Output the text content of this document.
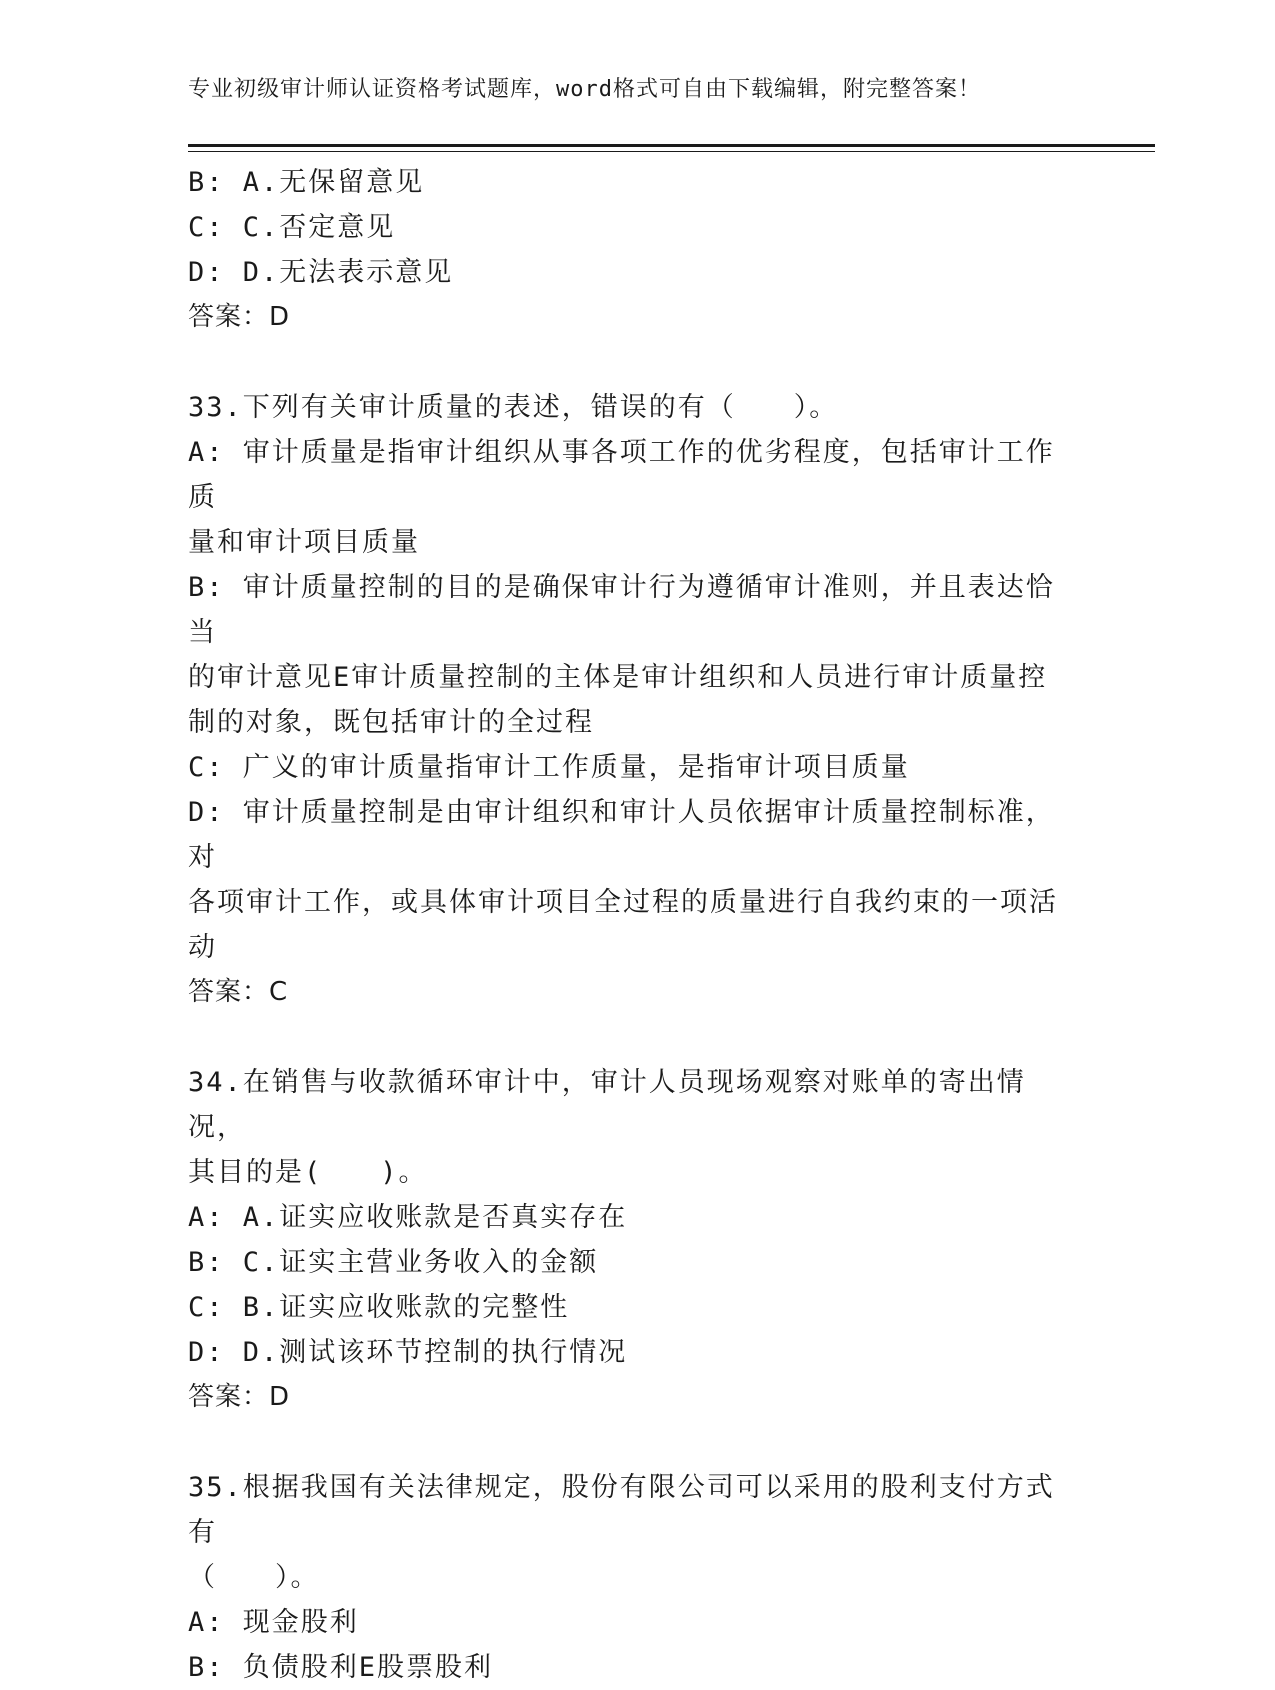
专业初级审计师认证资格考试题库，word格式可自由下载编辑，附完整答案！

B: A.无保留意见

C: C.否定意见

D: D.无法表示意见

答案：D

33.下列有关审计质量的表述，错误的有（　　）。

A: 审计质量是指审计组织从事各项工作的优劣程度，包括审计工作质

量和审计项目质量

B: 审计质量控制的目的是确保审计行为遵循审计准则，并且表达恰当

的审计意见E审计质量控制的主体是审计组织和人员进行审计质量控

制的对象，既包括审计的全过程

C: 广义的审计质量指审计工作质量，是指审计项目质量

D: 审计质量控制是由审计组织和审计人员依据审计质量控制标准，对

各项审计工作，或具体审计项目全过程的质量进行自我约束的一项活

动

答案：C

34.在销售与收款循环审计中，审计人员现场观察对账单的寄出情况，

其目的是(　　)。

A: A.证实应收账款是否真实存在

B: C.证实主营业务收入的金额

C: B.证实应收账款的完整性

D: D.测试该环节控制的执行情况

答案：D

35.根据我国有关法律规定，股份有限公司可以采用的股利支付方式有

（　　）。

A: 现金股利

B: 负债股利E股票股利
